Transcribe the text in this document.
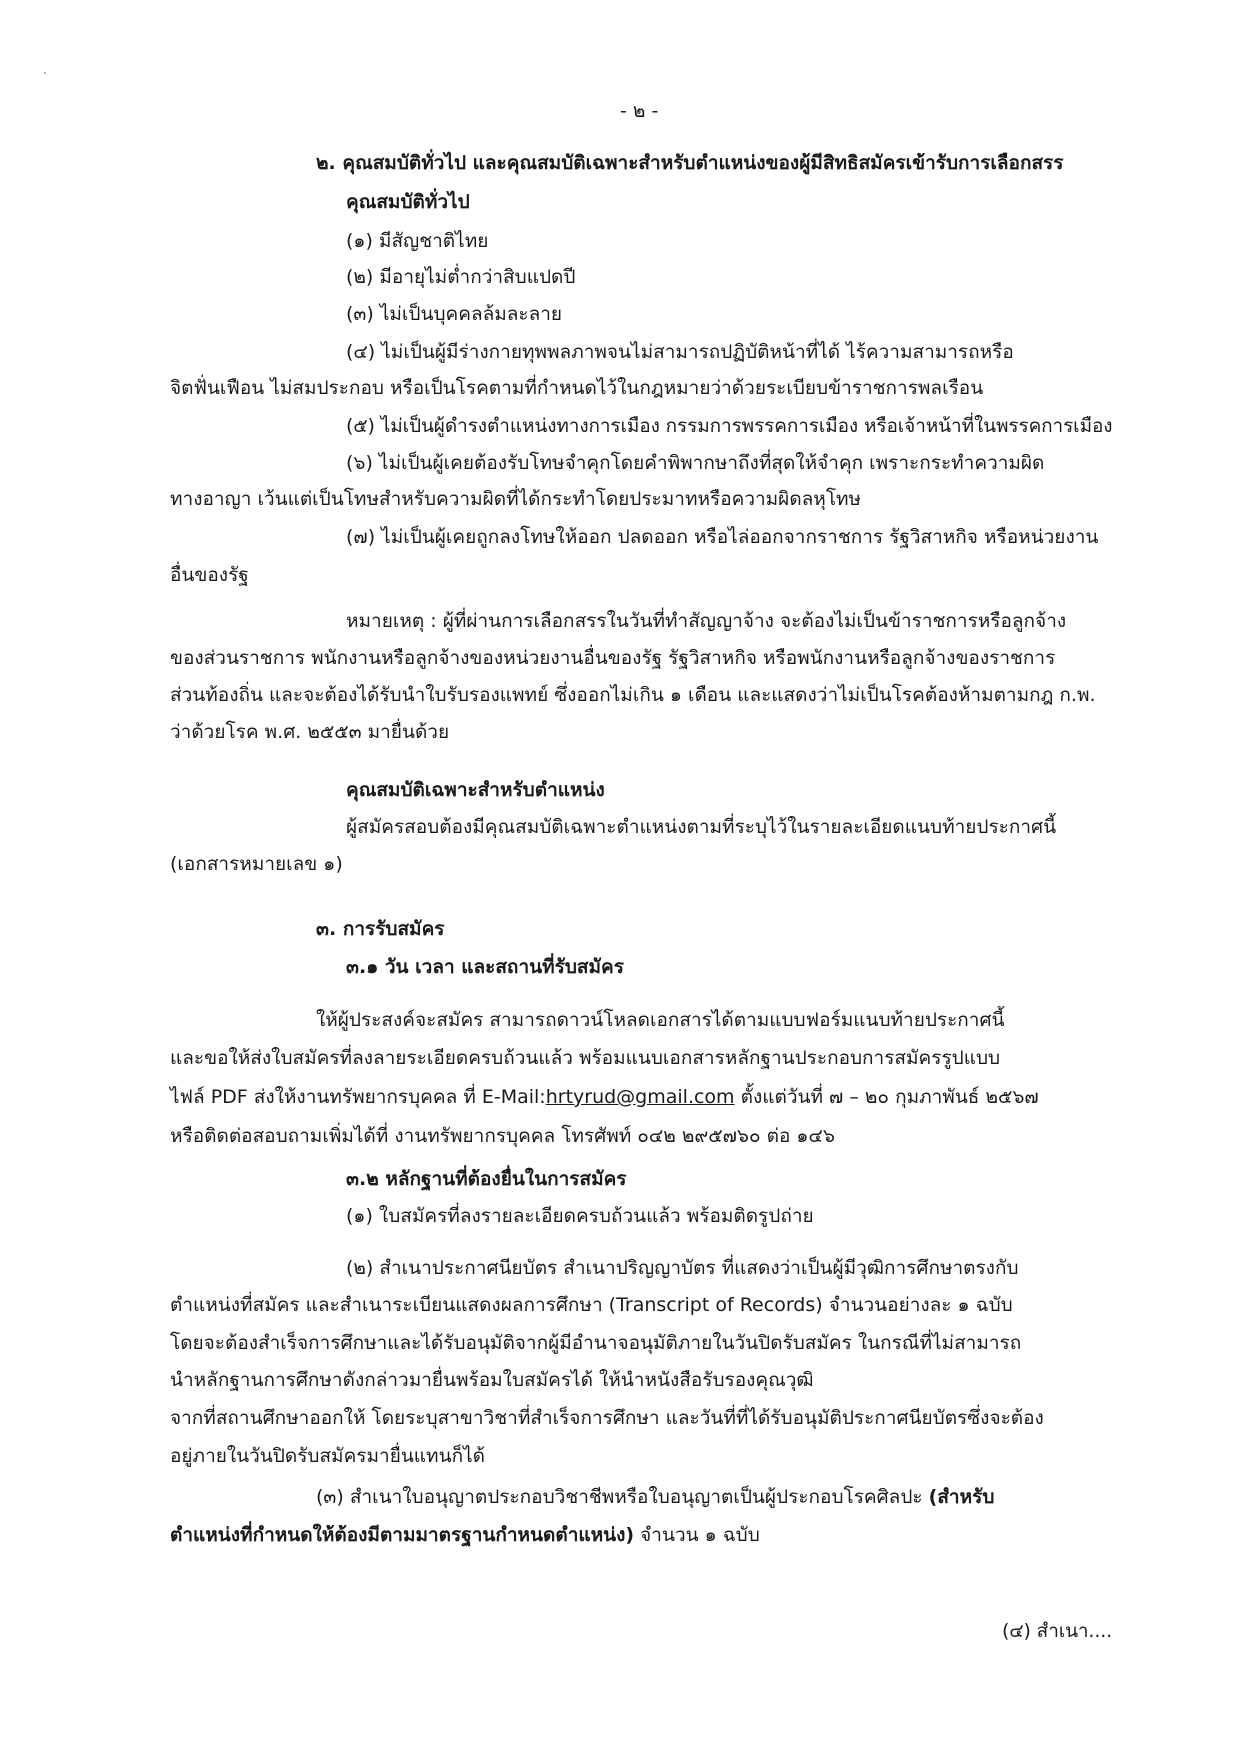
- ๒ -
๒. คุณสมบัติทั่วไป และคุณสมบัติเฉพาะสำหรับตำแหน่งของผู้มีสิทธิสมัครเข้ารับการเลือกสรร
คุณสมบัติทั่วไป
(๑) มีสัญชาติไทย
(๒) มีอายุไม่ต่ำกว่าสิบแปดปี
(๓) ไม่เป็นบุคคลล้มละลาย
(๔) ไม่เป็นผู้มีร่างกายทุพพลภาพจนไม่สามารถปฏิบัติหน้าที่ได้ ไร้ความสามารถหรือ
จิตฟั่นเฟือน ไม่สมประกอบ หรือเป็นโรคตามที่กำหนดไว้ในกฎหมายว่าด้วยระเบียบข้าราชการพลเรือน
(๕) ไม่เป็นผู้ดำรงตำแหน่งทางการเมือง กรรมการพรรคการเมือง หรือเจ้าหน้าที่ในพรรคการเมือง
(๖) ไม่เป็นผู้เคยต้องรับโทษจำคุกโดยคำพิพากษาถึงที่สุดให้จำคุก เพราะกระทำความผิด
ทางอาญา เว้นแต่เป็นโทษสำหรับความผิดที่ได้กระทำโดยประมาทหรือความผิดลหุโทษ
(๗) ไม่เป็นผู้เคยถูกลงโทษให้ออก ปลดออก หรือไล่ออกจากราชการ รัฐวิสาหกิจ หรือหน่วยงาน
อื่นของรัฐ
หมายเหตุ : ผู้ที่ผ่านการเลือกสรรในวันที่ทำสัญญาจ้าง จะต้องไม่เป็นข้าราชการหรือลูกจ้าง
ของส่วนราชการ พนักงานหรือลูกจ้างของหน่วยงานอื่นของรัฐ รัฐวิสาหกิจ หรือพนักงานหรือลูกจ้างของราชการ
ส่วนท้องถิ่น และจะต้องได้รับนำใบรับรองแพทย์ ซึ่งออกไม่เกิน ๑ เดือน และแสดงว่าไม่เป็นโรคต้องห้ามตามกฎ ก.พ.
ว่าด้วยโรค พ.ศ. ๒๕๕๓ มายื่นด้วย
คุณสมบัติเฉพาะสำหรับตำแหน่ง
ผู้สมัครสอบต้องมีคุณสมบัติเฉพาะตำแหน่งตามที่ระบุไว้ในรายละเอียดแนบท้ายประกาศนี้
(เอกสารหมายเลข ๑)
๓. การรับสมัคร
๓.๑ วัน เวลา และสถานที่รับสมัคร
ให้ผู้ประสงค์จะสมัคร สามารถดาวน์โหลดเอกสารได้ตามแบบฟอร์มแนบท้ายประกาศนี้
และขอให้ส่งใบสมัครที่ลงลายระเอียดครบถ้วนแล้ว พร้อมแนบเอกสารหลักฐานประกอบการสมัครรูปแบบ
ไฟล์ PDF ส่งให้งานทรัพยากรบุคคล ที่ E-Mail:hrtyrud@gmail.com ตั้งแต่วันที่ ๗ – ๒๐ กุมภาพันธ์ ๒๕๖๗
หรือติดต่อสอบถามเพิ่มได้ที่ งานทรัพยากรบุคคล โทรศัพท์ ๐๔๒ ๒๙๕๗๖๐ ต่อ ๑๔๖
๓.๒ หลักฐานที่ต้องยื่นในการสมัคร
(๑) ใบสมัครที่ลงรายละเอียดครบถ้วนแล้ว พร้อมติดรูปถ่าย
(๒) สำเนาประกาศนียบัตร สำเนาปริญญาบัตร ที่แสดงว่าเป็นผู้มีวุฒิการศึกษาตรงกับ
ตำแหน่งที่สมัคร และสำเนาระเบียนแสดงผลการศึกษา (Transcript of Records) จำนวนอย่างละ ๑ ฉบับ
โดยจะต้องสำเร็จการศึกษาและได้รับอนุมัติจากผู้มีอำนาจอนุมัติภายในวันปิดรับสมัคร ในกรณีที่ไม่สามารถ
นำหลักฐานการศึกษาดังกล่าวมายื่นพร้อมใบสมัครได้ ให้นำหนังสือรับรองคุณวุฒิ
จากที่สถานศึกษาออกให้ โดยระบุสาขาวิชาที่สำเร็จการศึกษา และวันที่ที่ได้รับอนุมัติประกาศนียบัตรซึ่งจะต้อง
อยู่ภายในวันปิดรับสมัครมายื่นแทนก็ได้
(๓) สำเนาใบอนุญาตประกอบวิชาชีพหรือใบอนุญาตเป็นผู้ประกอบโรคศิลปะ (สำหรับ
ตำแหน่งที่กำหนดให้ต้องมีตามมาตรฐานกำหนดตำแหน่ง) จำนวน ๑ ฉบับ
(๔) สำเนา....
